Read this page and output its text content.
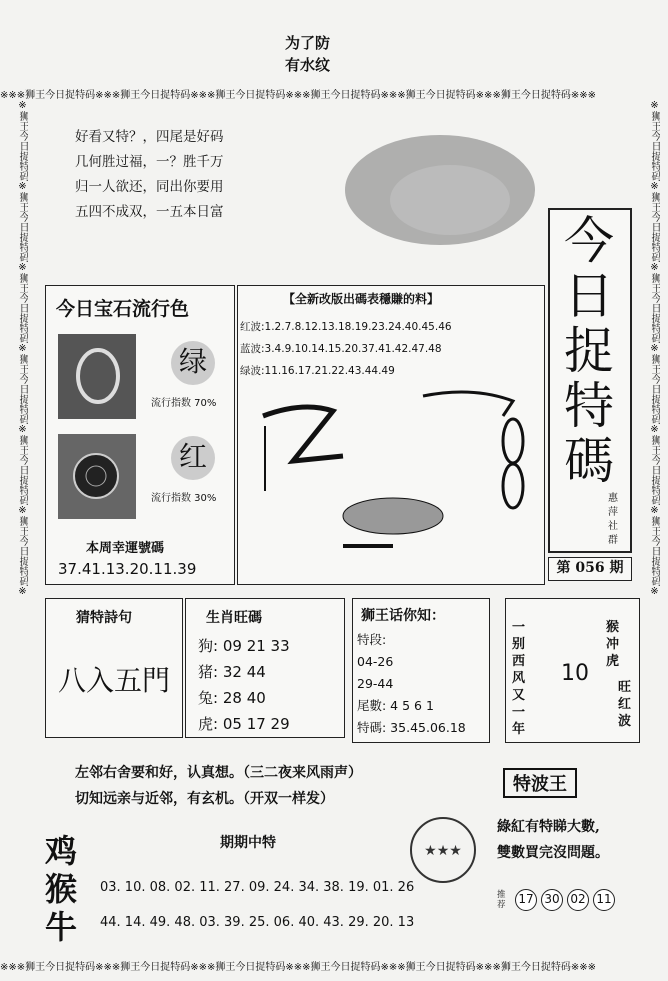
※※※狮王今日捉特码※※※狮王今日捉特码※※※狮王今日捉特码※※※狮王今日捉特码※※※狮王今日捉特码※※※狮王今日捉特码※※※
※※※狮王今日捉特码※※※狮王今日捉特码※※※狮王今日捉特码※※※狮王今日捉特码※※※狮王今日捉特码※※※狮王今日捉特码※※※
※狮王今日捉特码※狮王今日捉特码※狮王今日捉特码※狮王今日捉特码※狮王今日捉特码※狮王今日捉特码※	※狮王今日捉特码※狮王今日捉特码※狮王今日捉特码※狮王今日捉特码※狮王今日捉特码※狮王今日捉特码※
为了防
有水纹
好看又特？，四尾是好码
几何胜过福，一？胜千万
归一人欲还，同出你要用
五四不成双，一五本日富	今日捉特碼
惠萍社群
第 056 期
今日宝石流行色
绿
流行指数 70%
红
流行指数 30%
本周幸運號碼
37.41.13.20.11.39
【全新改版出碼表穩賺的料】
红波:1.2.7.8.12.13.18.19.23.24.40.45.46
蓝波:3.4.9.10.14.15.20.37.41.42.47.48
绿波:11.16.17.21.22.43.44.49
猜特詩句
八入五門
生肖旺碼
狗: 09 21 33
猪: 32 44
兔: 28 40
虎: 05 17 29
狮王话你知：
特段:
04-26
29-44
尾數: 4 5 6 1
特碼: 35.45.06.18
一别西风又一年
10
猴冲虎
旺红波
左邻右舍要和好，认真想。（三二夜来风雨声）
切知远亲与近邻，有玄机。（开双一样发）
特波王
綠紅有特睇大數,
雙數買完沒問題。
推荐 17 30 02 11
★★★
鸡猴牛
期期中特
03. 10. 08. 02. 11. 27. 09. 24. 34. 38. 19. 01. 26
44. 14. 49. 48. 03. 39. 25. 06. 40. 43. 29. 20. 13
